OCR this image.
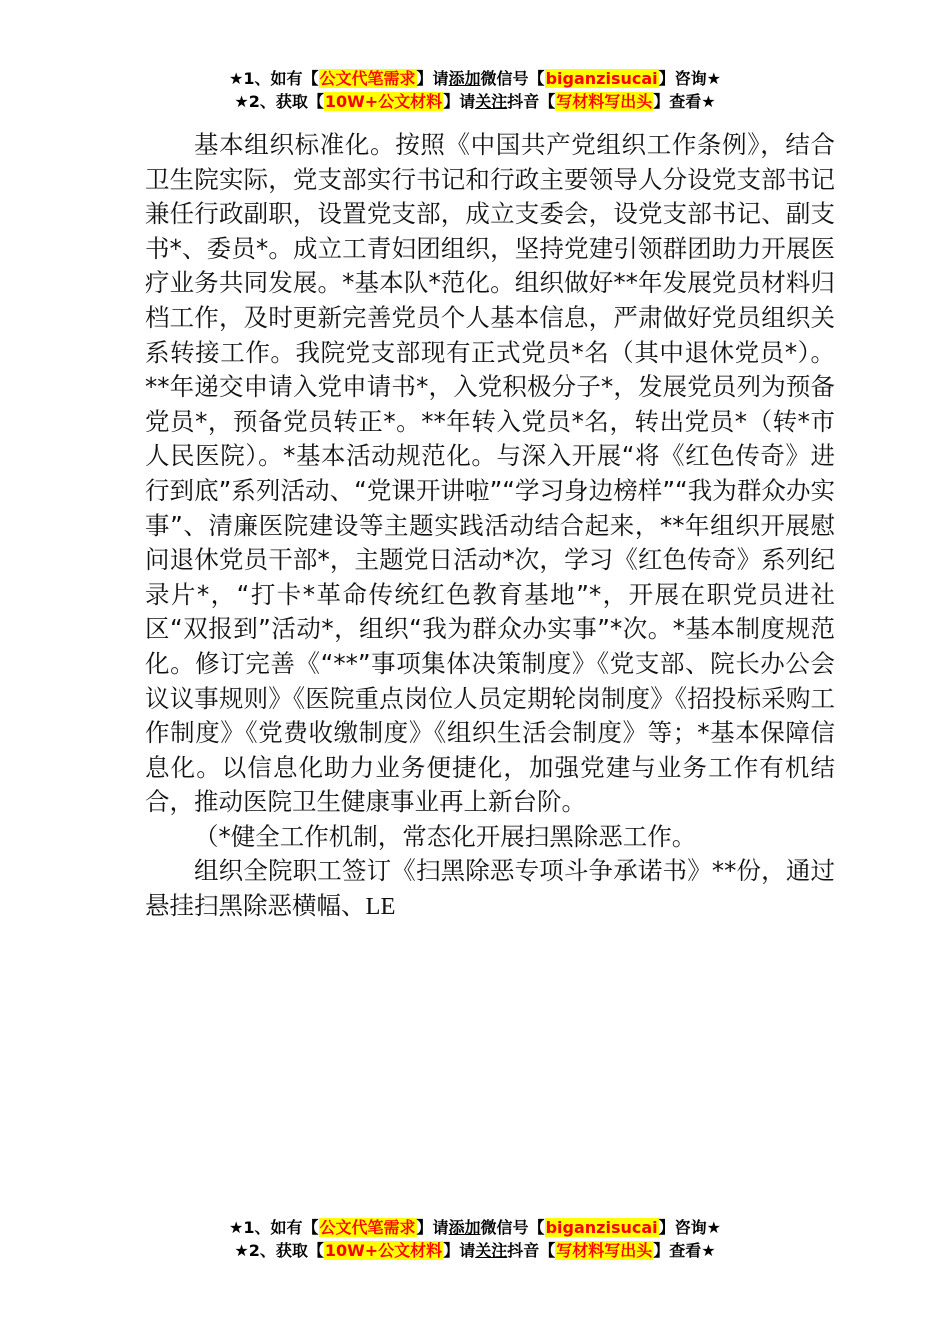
★1、如有【公文代笔需求】请添加微信号【biganzisucai】咨询★
★2、获取【10W+公文材料】请关注抖音【写材料写出头】查看★

基本组织标准化。按照《中国共产党组织工作条例》，结合卫生院实际，党支部实行书记和行政主要领导人分设党支部书记兼任行政副职，设置党支部，成立支委会，设党支部书记、副支书*、委员*。成立工青妇团组织，坚持党建引领群团助力开展医疗业务共同发展。*基本队*范化。组织做好**年发展党员材料归档工作，及时更新完善党员个人基本信息，严肃做好党员组织关系转接工作。我院党支部现有正式党员*名（其中退休党员*）。**年递交申请入党申请书*，入党积极分子*，发展党员列为预备党员*，预备党员转正*。**年转入党员*名，转出党员*（转*市人民医院）。*基本活动规范化。与深入开展“将《红色传奇》进行到底”系列活动、“党课开讲啦”“学习身边榜样”“我为群众办实事”、清廉医院建设等主题实践活动结合起来，**年组织开展慰问退休党员干部*，主题党日活动*次，学习《红色传奇》系列纪录片*，“打卡*革命传统红色教育基地”*，开展在职党员进社区“双报到”活动*，组织“我为群众办实事”*次。*基本制度规范化。修订完善《“**”事项集体决策制度》《党支部、院长办公会议议事规则》《医院重点岗位人员定期轮岗制度》《招投标采购工作制度》《党费收缴制度》《组织生活会制度》等；*基本保障信息化。以信息化助力业务便捷化，加强党建与业务工作有机结合，推动医院卫生健康事业再上新台阶。

（*健全工作机制，常态化开展扫黑除恶工作。

组织全院职工签订《扫黑除恶专项斗争承诺书》**份，通过悬挂扫黑除恶横幅、LE

★1、如有【公文代笔需求】请添加微信号【biganzisucai】咨询★
★2、获取【10W+公文材料】请关注抖音【写材料写出头】查看★
